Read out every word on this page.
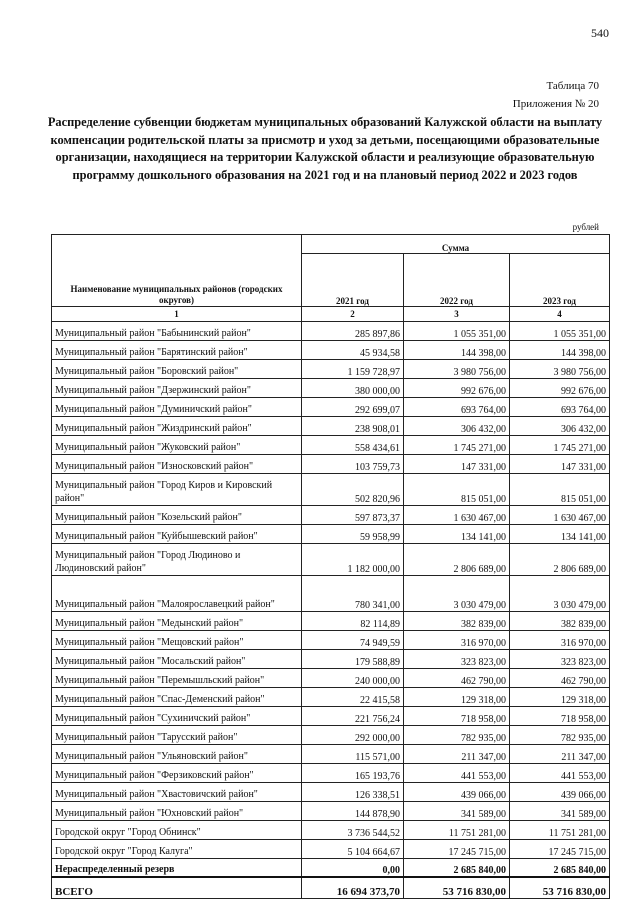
540
Таблица 70
Приложения № 20

Распределение субвенции бюджетам муниципальных образований Калужской области на выплату компенсации родительской платы за присмотр и уход за детьми, посещающими образовательные организации, находящиеся на территории Калужской области и реализующие образовательную программу дошкольного образования на 2021 год и на плановый период 2022 и 2023 годов

рублей
Наименование муниципальных районов (городских округов)	Сумма		
	2021 год	2022 год	2023 год
1	2	3	4
Муниципальный район "Бабынинский район"	285 897,86	1 055 351,00	1 055 351,00
Муниципальный район "Барятинский район"	45 934,58	144 398,00	144 398,00
Муниципальный район "Боровский район"	1 159 728,97	3 980 756,00	3 980 756,00
Муниципальный район "Дзержинский район"	380 000,00	992 676,00	992 676,00
Муниципальный район "Думиничский район"	292 699,07	693 764,00	693 764,00
Муниципальный район "Жиздринский район"	238 908,01	306 432,00	306 432,00
Муниципальный район "Жуковский район"	558 434,61	1 745 271,00	1 745 271,00
Муниципальный район "Износковский район"	103 759,73	147 331,00	147 331,00
Муниципальный район "Город Киров и Кировский район"	502 820,96	815 051,00	815 051,00
Муниципальный район "Козельский район"	597 873,37	1 630 467,00	1 630 467,00
Муниципальный район "Куйбышевский район"	59 958,99	134 141,00	134 141,00
Муниципальный район "Город Людиново и Людиновский район"	1 182 000,00	2 806 689,00	2 806 689,00
Муниципальный район "Малоярославецкий район"	780 341,00	3 030 479,00	3 030 479,00
Муниципальный район "Медынский район"	82 114,89	382 839,00	382 839,00
Муниципальный район "Мещовский район"	74 949,59	316 970,00	316 970,00
Муниципальный район "Мосальский район"	179 588,89	323 823,00	323 823,00
Муниципальный район "Перемышльский район"	240 000,00	462 790,00	462 790,00
Муниципальный район "Спас-Деменский район"	22 415,58	129 318,00	129 318,00
Муниципальный район "Сухиничский район"	221 756,24	718 958,00	718 958,00
Муниципальный район "Тарусский район"	292 000,00	782 935,00	782 935,00
Муниципальный район "Ульяновский район"	115 571,00	211 347,00	211 347,00
Муниципальный район "Ферзиковский район"	165 193,76	441 553,00	441 553,00
Муниципальный район "Хвастовичский район"	126 338,51	439 066,00	439 066,00
Муниципальный район "Юхновский район"	144 878,90	341 589,00	341 589,00
Городской округ "Город Обнинск"	3 736 544,52	11 751 281,00	11 751 281,00
Городской округ "Город Калуга"	5 104 664,67	17 245 715,00	17 245 715,00
Нераспределенный резерв	0,00	2 685 840,00	2 685 840,00
ВСЕГО	16 694 373,70	53 716 830,00	53 716 830,00
